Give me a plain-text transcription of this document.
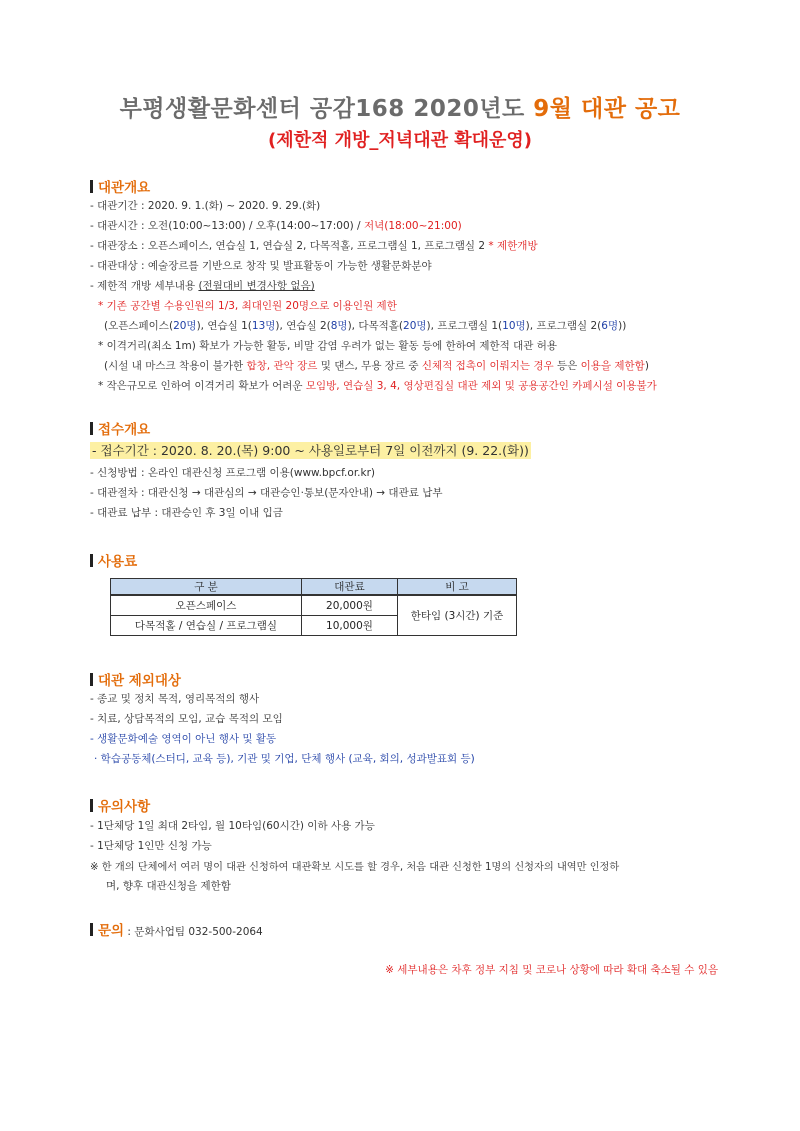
부평생활문화센터 공감168 2020년도 9월 대관 공고
(제한적 개방_저녁대관 확대운영)
대관개요
- 대관기간 : 2020. 9. 1.(화) ~ 2020. 9. 29.(화)
- 대관시간 : 오전(10:00~13:00) / 오후(14:00~17:00) / 저녁(18:00~21:00)
- 대관장소 : 오픈스페이스, 연습실 1, 연습실 2, 다목적홀, 프로그램실 1, 프로그램실 2 * 제한개방
- 대관대상 : 예술장르를 기반으로 창작 및 발표활동이 가능한 생활문화분야
- 제한적 개방 세부내용 (전월대비 변경사항 없음)
* 기존 공간별 수용인원의 1/3, 최대인원 20명으로 이용인원 제한
(오픈스페이스(20명), 연습실 1(13명), 연습실 2(8명), 다목적홀(20명), 프로그램실 1(10명), 프로그램실 2(6명))
* 이격거리(최소 1m) 확보가 가능한 활동, 비말 감염 우려가 없는 활동 등에 한하여 제한적 대관 허용
(시설 내 마스크 착용이 불가한 합창, 관악 장르 및 댄스, 무용 장르 중 신체적 접촉이 이뤄지는 경우 등은 이용을 제한함)
* 작은규모로 인하여 이격거리 확보가 어려운 모임방, 연습실 3, 4, 영상편집실 대관 제외 및 공용공간인 카페시설 이용불가
접수개요
- 접수기간 : 2020. 8. 20.(목) 9:00 ~ 사용일로부터 7일 이전까지 (9. 22.(화))
- 신청방법 : 온라인 대관신청 프로그램 이용(www.bpcf.or.kr)
- 대관절차 : 대관신청 → 대관심의 → 대관승인·통보(문자안내) → 대관료 납부
- 대관료 납부 : 대관승인 후 3일 이내 입금
사용료
구 분	대관료	비 고
오픈스페이스	20,000원	한타임 (3시간) 기준
다목적홀 / 연습실 / 프로그램실	10,000원	
대관 제외대상
- 종교 및 정치 목적, 영리목적의 행사
- 치료, 상담목적의 모임, 교습 목적의 모임
- 생활문화예술 영역이 아닌 행사 및 활동
· 학습공동체(스터디, 교육 등), 기관 및 기업, 단체 행사 (교육, 회의, 성과발표회 등)
유의사항
- 1단체당 1일 최대 2타임, 월 10타임(60시간) 이하 사용 가능
- 1단체당 1인만 신청 가능
※ 한 개의 단체에서 여러 명이 대관 신청하여 대관확보 시도를 할 경우, 처음 대관 신청한 1명의 신청자의 내역만 인정하
며, 향후 대관신청을 제한함
문의 : 문화사업팀 032-500-2064
※ 세부내용은 차후 정부 지침 및 코로나 상황에 따라 확대 축소될 수 있음
